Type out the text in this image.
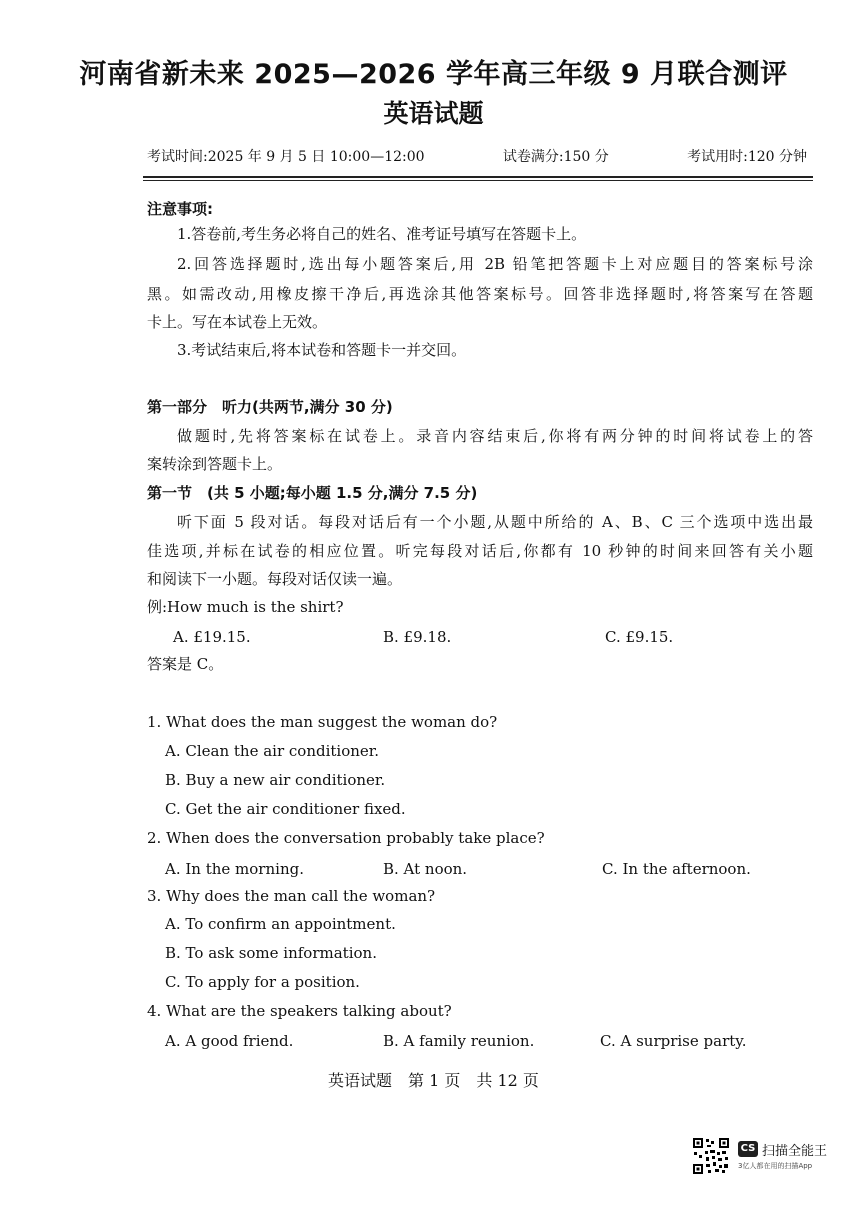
河南省新未来 2025—2026 学年高三年级 9 月联合测评
英语试题
考试时间:2025 年 9 月 5 日 10:00—12:00	试卷满分:150 分	考试用时:120 分钟
注意事项:
1.答卷前,考生务必将自己的姓名、准考证号填写在答题卡上。
2.回答选择题时,选出每小题答案后,用 2B 铅笔把答题卡上对应题目的答案标号涂
黑。如需改动,用橡皮擦干净后,再选涂其他答案标号。回答非选择题时,将答案写在答题
卡上。写在本试卷上无效。
3.考试结束后,将本试卷和答题卡一并交回。
第一部分　听力(共两节,满分 30 分)
做题时,先将答案标在试卷上。录音内容结束后,你将有两分钟的时间将试卷上的答
案转涂到答题卡上。
第一节　(共 5 小题;每小题 1.5 分,满分 7.5 分)
听下面 5 段对话。每段对话后有一个小题,从题中所给的 A、B、C 三个选项中选出最
佳选项,并标在试卷的相应位置。听完每段对话后,你都有 10 秒钟的时间来回答有关小题
和阅读下一小题。每段对话仅读一遍。
例:How much is the shirt?
A. £19.15.	B. £9.18.	C. £9.15.
答案是 C。
1. What does the man suggest the woman do?
A. Clean the air conditioner.
B. Buy a new air conditioner.
C. Get the air conditioner fixed.
2. When does the conversation probably take place?
A. In the morning.	B. At noon.	C. In the afternoon.
3. Why does the man call the woman?
A. To confirm an appointment.
B. To ask some information.
C. To apply for a position.
4. What are the speakers talking about?
A. A good friend.	B. A family reunion.	C. A surprise party.
英语试题　第 1 页　共 12 页
CS 扫描全能王
3亿人都在用的扫描App
